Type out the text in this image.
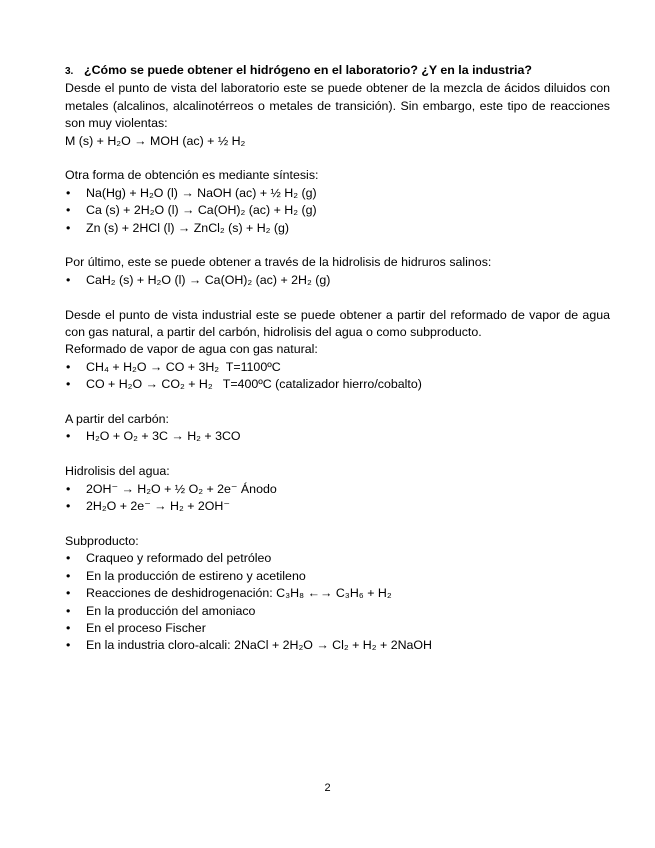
3. ¿Cómo se puede obtener el hidrógeno en el laboratorio? ¿Y en la industria?

Desde el punto de vista del laboratorio este se puede obtener de la mezcla de ácidos diluidos con metales (alcalinos, alcalinotérreos o metales de transición). Sin embargo, este tipo de reacciones son muy violentas:

M (s) + H₂O → MOH (ac) + ½ H₂

Otra forma de obtención es mediante síntesis:

• Na(Hg) + H₂O (l) → NaOH (ac) + ½ H₂ (g)
• Ca (s) + 2H₂O (l) → Ca(OH)₂ (ac) + H₂ (g)
• Zn (s) + 2HCl (l) → ZnCl₂ (s) + H₂ (g)

Por último, este se puede obtener a través de la hidrolisis de hidruros salinos:

• CaH₂ (s) + H₂O (l) → Ca(OH)₂ (ac) + 2H₂ (g)

Desde el punto de vista industrial este se puede obtener a partir del reformado de vapor de agua con gas natural, a partir del carbón, hidrolisis del agua o como subproducto.

Reformado de vapor de agua con gas natural:

• CH₄ + H₂O → CO + 3H₂  T=1100ºC
• CO + H₂O → CO₂ + H₂   T=400ºC (catalizador hierro/cobalto)

A partir del carbón:

• H₂O + O₂ + 3C → H₂ + 3CO

Hidrolisis del agua:

• 2OH⁻ → H₂O + ½ O₂ + 2e⁻ Ánodo
• 2H₂O + 2e⁻ → H₂ + 2OH⁻

Subproducto:

• Craqueo y reformado del petróleo
• En la producción de estireno y acetileno
• Reacciones de deshidrogenación: C₃H₈ ←→ C₃H₆ + H₂
• En la producción del amoniaco
• En el proceso Fischer
• En la industria cloro-alcali: 2NaCl + 2H₂O → Cl₂ + H₂ + 2NaOH
2
